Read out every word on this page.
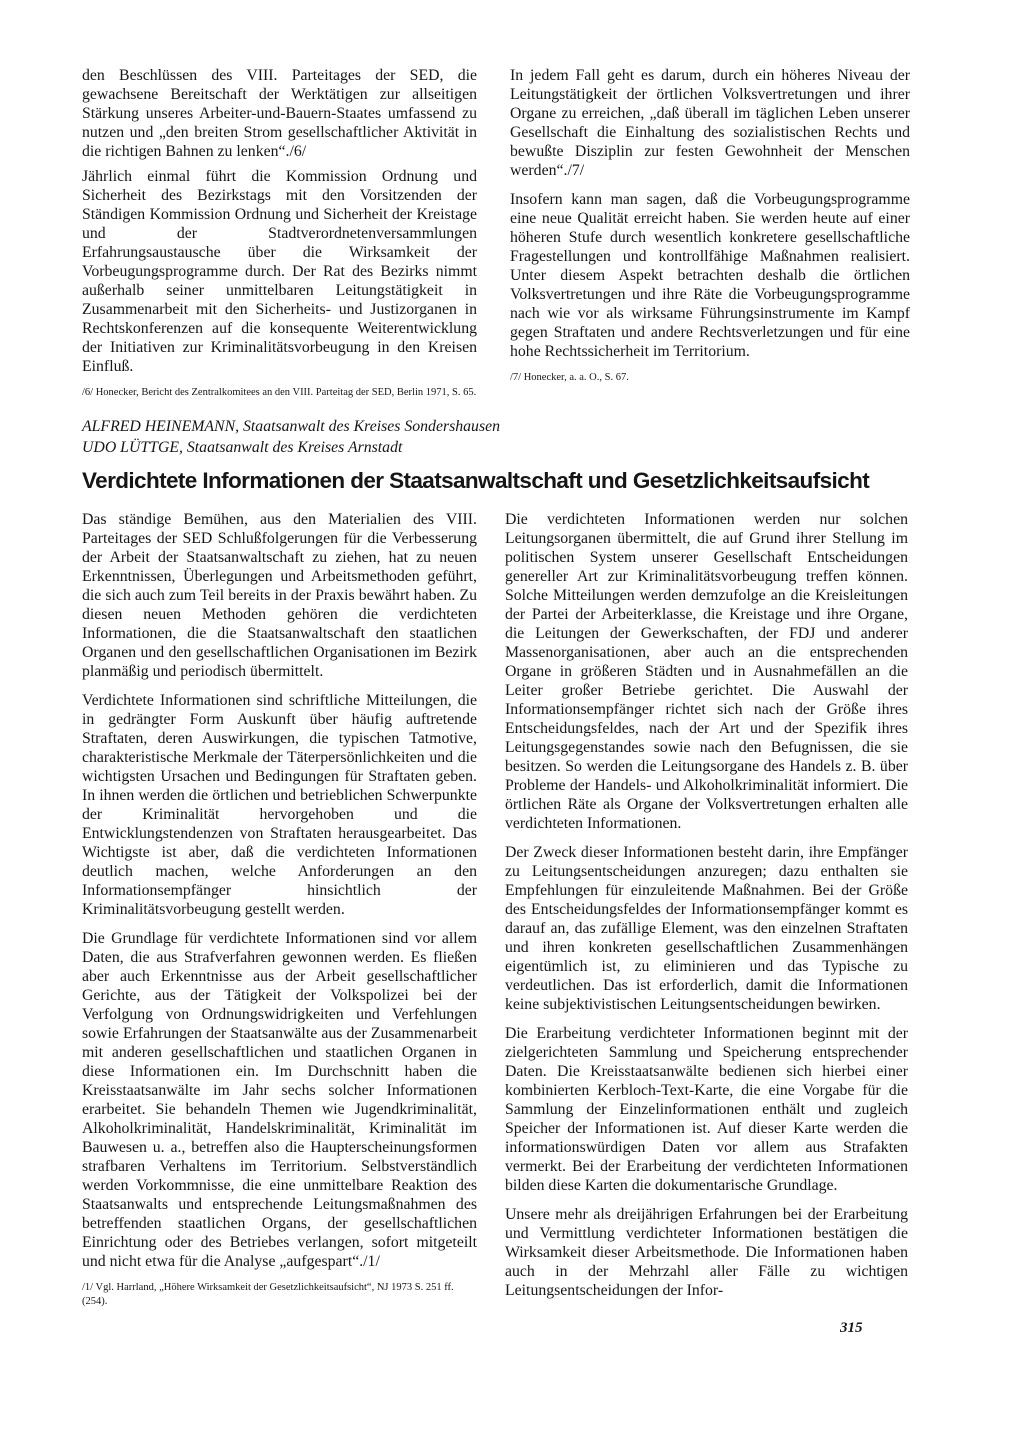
den Beschlüssen des VIII. Parteitages der SED, die gewachsene Bereitschaft der Werktätigen zur allseitigen Stärkung unseres Arbeiter-und-Bauern-Staates umfassend zu nutzen und „den breiten Strom gesellschaftlicher Aktivität in die richtigen Bahnen zu lenken“./6/

Jährlich einmal führt die Kommission Ordnung und Sicherheit des Bezirkstags mit den Vorsitzenden der Ständigen Kommission Ordnung und Sicherheit der Kreistage und der Stadtverordnetenversammlungen Erfahrungsaustausche über die Wirksamkeit der Vorbeugungsprogramme durch. Der Rat des Bezirks nimmt außerhalb seiner unmittelbaren Leitungstätigkeit in Zusammenarbeit mit den Sicherheits- und Justizorganen in Rechtskonferenzen auf die konsequente Weiterentwicklung der Initiativen zur Kriminalitätsvorbeugung in den Kreisen Einfluß.

/6/ Honecker, Bericht des Zentralkomitees an den VIII. Parteitag der SED, Berlin 1971, S. 65.

In jedem Fall geht es darum, durch ein höheres Niveau der Leitungstätigkeit der örtlichen Volksvertretungen und ihrer Organe zu erreichen, „daß überall im täglichen Leben unserer Gesellschaft die Einhaltung des sozialistischen Rechts und bewußte Disziplin zur festen Gewohnheit der Menschen werden“./7/

Insofern kann man sagen, daß die Vorbeugungsprogramme eine neue Qualität erreicht haben. Sie werden heute auf einer höheren Stufe durch wesentlich konkretere gesellschaftliche Fragestellungen und kontrollfähige Maßnahmen realisiert. Unter diesem Aspekt betrachten deshalb die örtlichen Volksvertretungen und ihre Räte die Vorbeugungsprogramme nach wie vor als wirksame Führungsinstrumente im Kampf gegen Straftaten und andere Rechtsverletzungen und für eine hohe Rechtssicherheit im Territorium.

/7/ Honecker, a. a. O., S. 67.

ALFRED HEINEMANN, Staatsanwalt des Kreises Sondershausen
UDO LÜTTGE, Staatsanwalt des Kreises Arnstadt
Verdichtete Informationen der Staatsanwaltschaft und Gesetzlichkeitsaufsicht

Das ständige Bemühen, aus den Materialien des VIII. Parteitages der SED Schlußfolgerungen für die Verbesserung der Arbeit der Staatsanwaltschaft zu ziehen, hat zu neuen Erkenntnissen, Überlegungen und Arbeitsmethoden geführt, die sich auch zum Teil bereits in der Praxis bewährt haben. Zu diesen neuen Methoden gehören die verdichteten Informationen, die die Staatsanwaltschaft den staatlichen Organen und den gesellschaftlichen Organisationen im Bezirk planmäßig und periodisch übermittelt.

Verdichtete Informationen sind schriftliche Mitteilungen, die in gedrängter Form Auskunft über häufig auftretende Straftaten, deren Auswirkungen, die typischen Tatmotive, charakteristische Merkmale der Täterpersönlichkeiten und die wichtigsten Ursachen und Bedingungen für Straftaten geben. In ihnen werden die örtlichen und betrieblichen Schwerpunkte der Kriminalität hervorgehoben und die Entwicklungstendenzen von Straftaten herausgearbeitet. Das Wichtigste ist aber, daß die verdichteten Informationen deutlich machen, welche Anforderungen an den Informationsempfänger hinsichtlich der Kriminalitätsvorbeugung gestellt werden.

Die Grundlage für verdichtete Informationen sind vor allem Daten, die aus Strafverfahren gewonnen werden. Es fließen aber auch Erkenntnisse aus der Arbeit gesellschaftlicher Gerichte, aus der Tätigkeit der Volkspolizei bei der Verfolgung von Ordnungswidrigkeiten und Verfehlungen sowie Erfahrungen der Staatsanwälte aus der Zusammenarbeit mit anderen gesellschaftlichen und staatlichen Organen in diese Informationen ein. Im Durchschnitt haben die Kreisstaatsanwälte im Jahr sechs solcher Informationen erarbeitet. Sie behandeln Themen wie Jugendkriminalität, Alkoholkriminalität, Handelskriminalität, Kriminalität im Bauwesen u. a., betreffen also die Haupterscheinungsformen strafbaren Verhaltens im Territorium. Selbstverständlich werden Vorkommnisse, die eine unmittelbare Reaktion des Staatsanwalts und entsprechende Leitungsmaßnahmen des betreffenden staatlichen Organs, der gesellschaftlichen Einrichtung oder des Betriebes verlangen, sofort mitgeteilt und nicht etwa für die Analyse „aufgespart“./1/

/1/ Vgl. Harrland, „Höhere Wirksamkeit der Gesetzlichkeitsaufsicht“, NJ 1973 S. 251 ff. (254).

Die verdichteten Informationen werden nur solchen Leitungsorganen übermittelt, die auf Grund ihrer Stellung im politischen System unserer Gesellschaft Entscheidungen genereller Art zur Kriminalitätsvorbeugung treffen können. Solche Mitteilungen werden demzufolge an die Kreisleitungen der Partei der Arbeiterklasse, die Kreistage und ihre Organe, die Leitungen der Gewerkschaften, der FDJ und anderer Massenorganisationen, aber auch an die entsprechenden Organe in größeren Städten und in Ausnahmefällen an die Leiter großer Betriebe gerichtet. Die Auswahl der Informationsempfänger richtet sich nach der Größe ihres Entscheidungsfeldes, nach der Art und der Spezifik ihres Leitungsgegenstandes sowie nach den Befugnissen, die sie besitzen. So werden die Leitungsorgane des Handels z. B. über Probleme der Handels- und Alkoholkriminalität informiert. Die örtlichen Räte als Organe der Volksvertretungen erhalten alle verdichteten Informationen.

Der Zweck dieser Informationen besteht darin, ihre Empfänger zu Leitungsentscheidungen anzuregen; dazu enthalten sie Empfehlungen für einzuleitende Maßnahmen. Bei der Größe des Entscheidungsfeldes der Informationsempfänger kommt es darauf an, das zufällige Element, was den einzelnen Straftaten und ihren konkreten gesellschaftlichen Zusammenhängen eigentümlich ist, zu eliminieren und das Typische zu verdeutlichen. Das ist erforderlich, damit die Informationen keine subjektivistischen Leitungsentscheidungen bewirken.

Die Erarbeitung verdichteter Informationen beginnt mit der zielgerichteten Sammlung und Speicherung entsprechender Daten. Die Kreisstaatsanwälte bedienen sich hierbei einer kombinierten Kerbloch-Text-Karte, die eine Vorgabe für die Sammlung der Einzelinformationen enthält und zugleich Speicher der Informationen ist. Auf dieser Karte werden die informationswürdigen Daten vor allem aus Strafakten vermerkt. Bei der Erarbeitung der verdichteten Informationen bilden diese Karten die dokumentarische Grundlage.

Unsere mehr als dreijährigen Erfahrungen bei der Erarbeitung und Vermittlung verdichteter Informationen bestätigen die Wirksamkeit dieser Arbeitsmethode. Die Informationen haben auch in der Mehrzahl aller Fälle zu wichtigen Leitungsentscheidungen der Infor-

315
